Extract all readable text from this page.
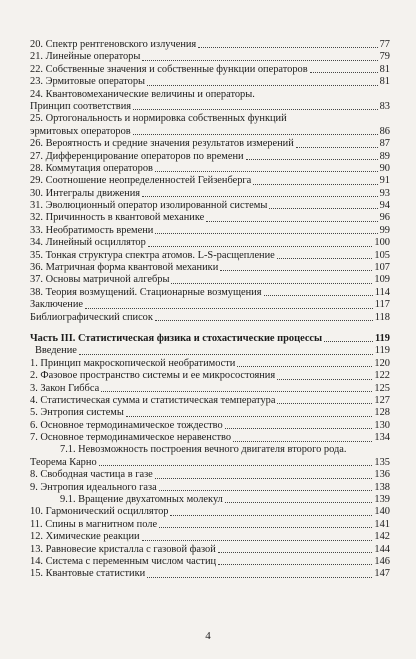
20. Спектр рентгеновского излучения	77
21. Линейные операторы	79
22. Собственные значения и собственные функции операторов	81
23. Эрмитовые операторы	81
24. Квантовомеханические величины и операторы.
Принцип соответствия	83
25. Ортогональность и нормировка собственных функций
эрмитовых операторов	86
26. Вероятность и средние значения результатов измерений	87
27. Дифференцирование операторов по времени	89
28. Коммутация операторов	90
29. Соотношение неопределенностей Гейзенберга	91
30. Интегралы движения	93
31. Эволюционный оператор изолированной системы	94
32. Причинность в квантовой механике	96
33. Необратимость времени	99
34. Линейный осциллятор	100
35. Тонкая структура спектра атомов. L-S-расщепление	105
36. Матричная форма квантовой механики	107
37. Основы матричной алгебры	109
38. Теория возмущений. Стационарные возмущения	114
Заключение	117
Библиографический список	118
Часть III. Статистическая физика и стохастические процессы	119
Введение	119
1. Принцип макроскопической необратимости	120
2. Фазовое пространство системы и ее микросостояния	122
3. Закон Гиббса	125
4. Статистическая сумма и статистическая температура	127
5. Энтропия системы	128
6. Основное термодинамическое тождество	130
7. Основное термодинамическое неравенство	134
7.1. Невозможность построения вечного двигателя второго рода.
Теорема Карно	135
8. Свободная частица в газе	136
9. Энтропия идеального газа	138
9.1. Вращение двухатомных молекул	139
10. Гармонический осциллятор	140
11. Спины в магнитном поле	141
12. Химические реакции	142
13. Равновесие кристалла с газовой фазой	144
14. Система с переменным числом частиц	146
15. Квантовые статистики	147
4
